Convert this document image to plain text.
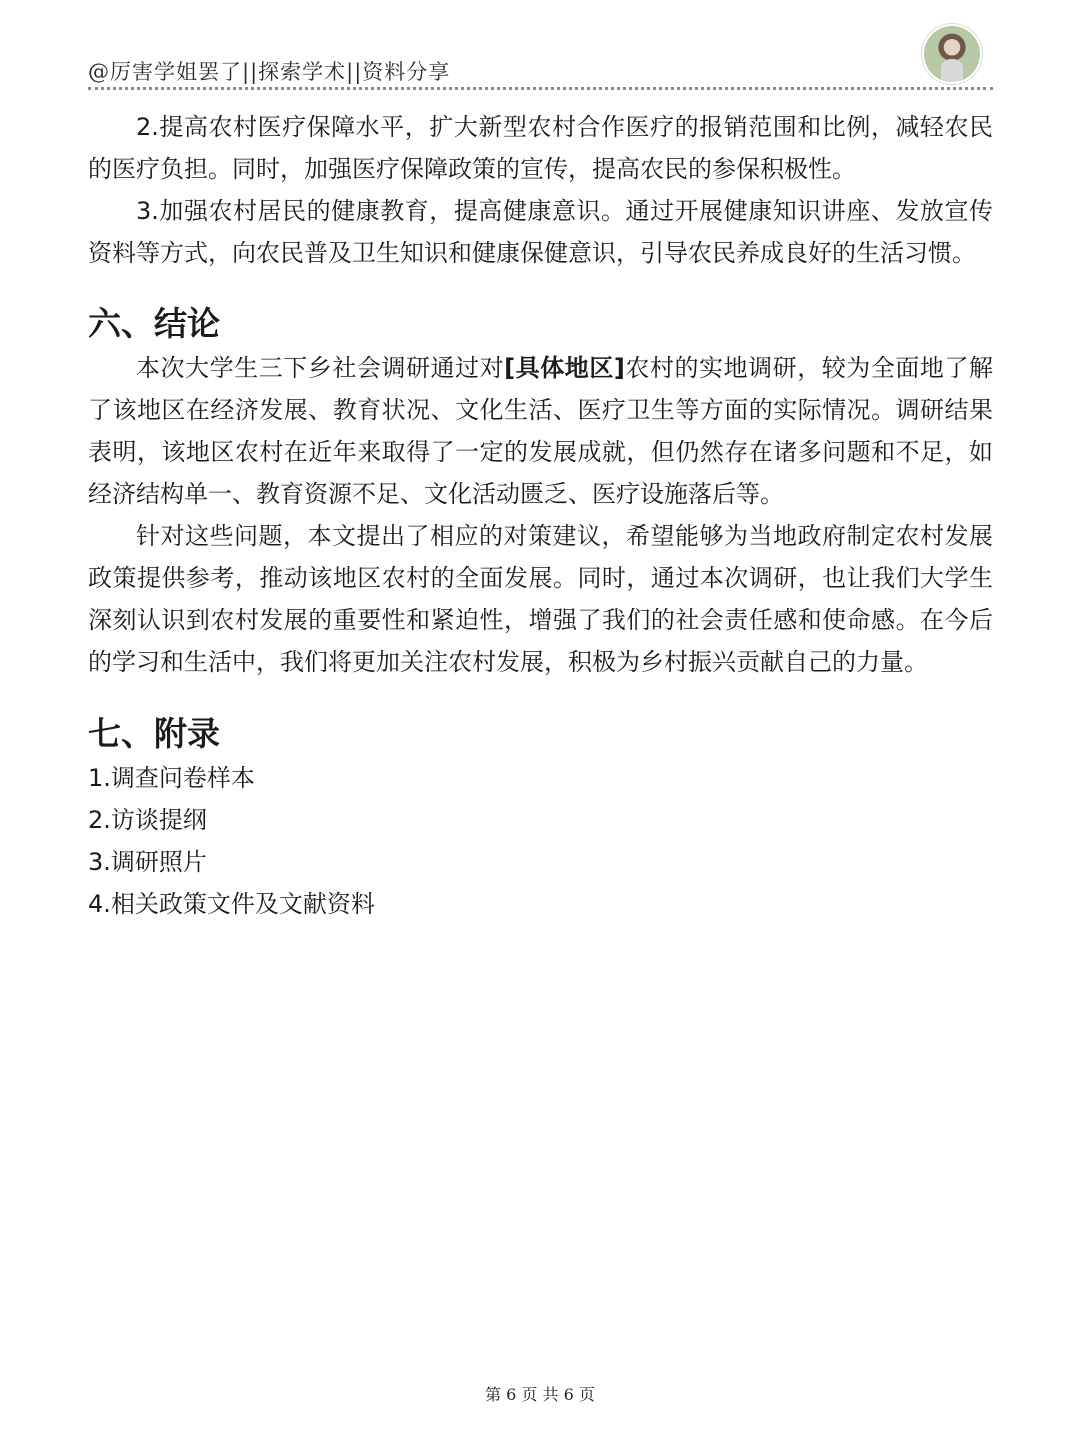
@厉害学姐罢了||探索学术||资料分享

2.提高农村医疗保障水平，扩大新型农村合作医疗的报销范围和比例，减轻农民的医疗负担。同时，加强医疗保障政策的宣传，提高农民的参保积极性。

3.加强农村居民的健康教育，提高健康意识。通过开展健康知识讲座、发放宣传资料等方式，向农民普及卫生知识和健康保健意识，引导农民养成良好的生活习惯。

六、结论

本次大学生三下乡社会调研通过对[具体地区]农村的实地调研，较为全面地了解了该地区在经济发展、教育状况、文化生活、医疗卫生等方面的实际情况。调研结果表明，该地区农村在近年来取得了一定的发展成就，但仍然存在诸多问题和不足，如经济结构单一、教育资源不足、文化活动匮乏、医疗设施落后等。

针对这些问题，本文提出了相应的对策建议，希望能够为当地政府制定农村发展政策提供参考，推动该地区农村的全面发展。同时，通过本次调研，也让我们大学生深刻认识到农村发展的重要性和紧迫性，增强了我们的社会责任感和使命感。在今后的学习和生活中，我们将更加关注农村发展，积极为乡村振兴贡献自己的力量。

七、附录
1.调查问卷样本
2.访谈提纲
3.调研照片
4.相关政策文件及文献资料
第 6 页 共 6 页
